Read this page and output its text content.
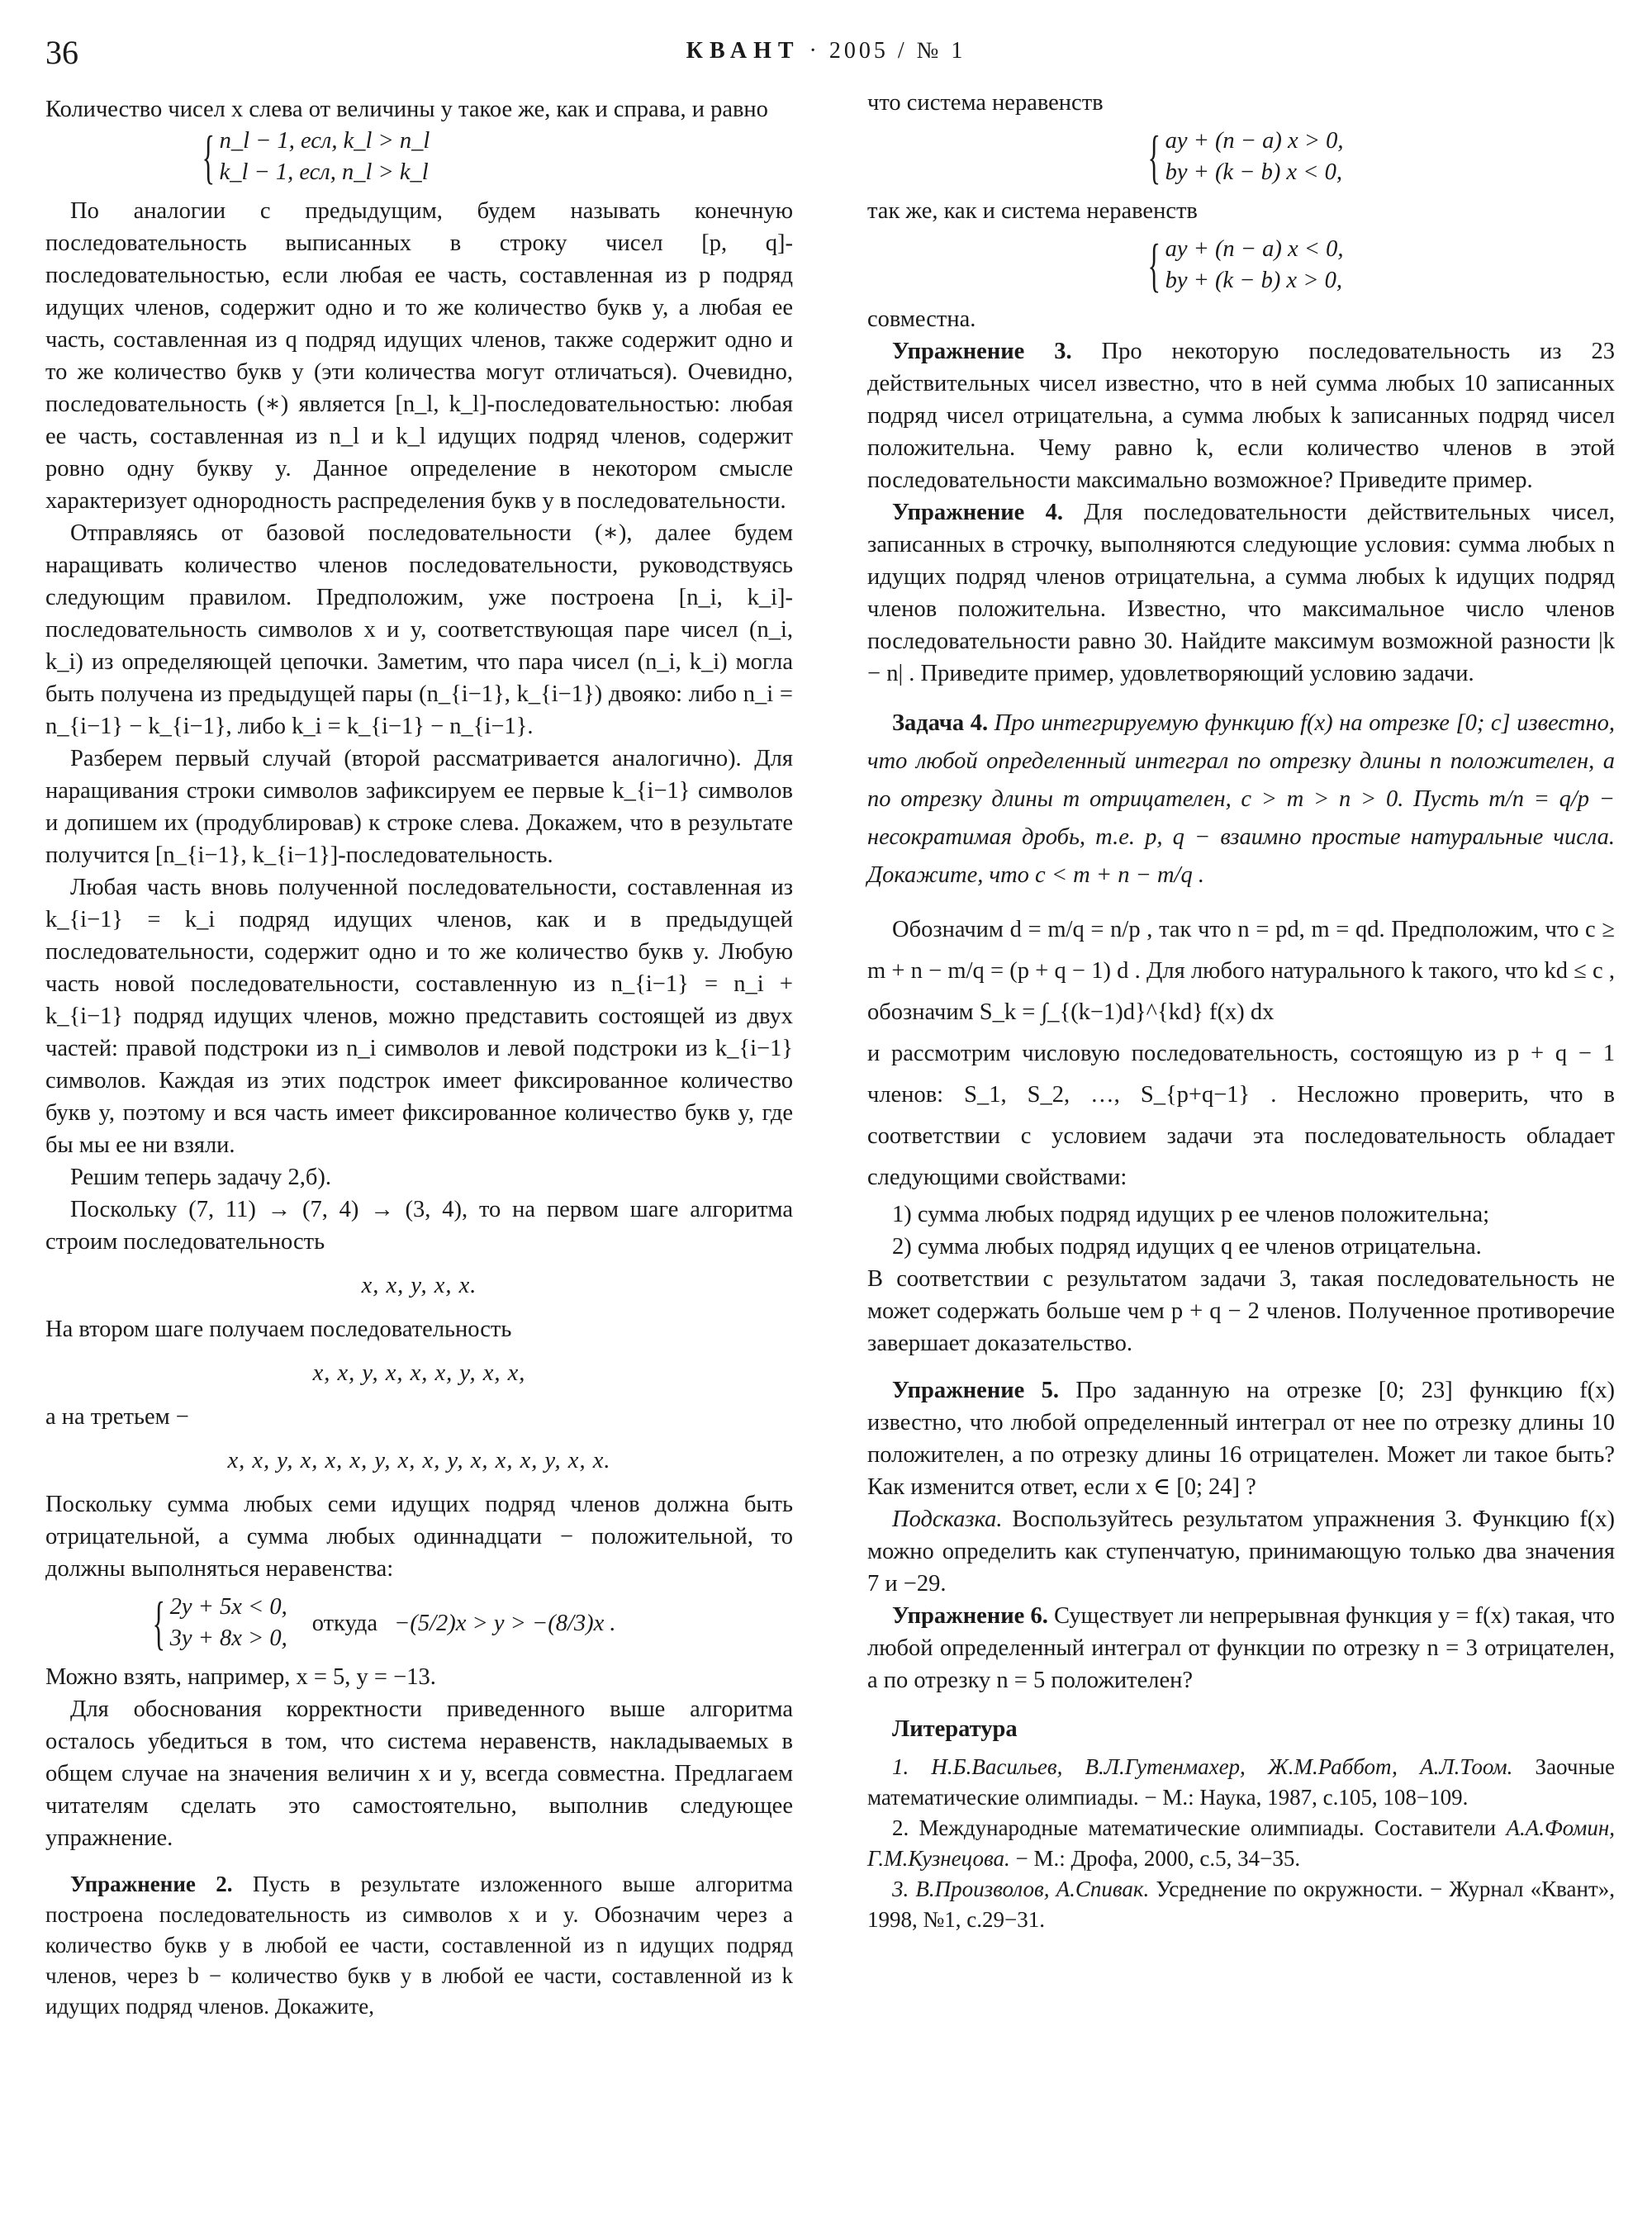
36	КВАНТ · 2005 / № 1

Количество чисел x слева от величины y такое же, как и справа, и равно

{ n_l − 1, есл, k_l > n_l
k_l − 1, есл, n_l > k_l

По аналогии с предыдущим, будем называть конечную последовательность выписанных в строку чисел [p, q]-последовательностью, если любая ее часть, составленная из p подряд идущих членов, содержит одно и то же количество букв y, а любая ее часть, составленная из q подряд идущих членов, также содержит одно и то же количество букв y (эти количества могут отличаться). Очевидно, последовательность (∗) является [n_l, k_l]-последовательностью: любая ее часть, составленная из n_l и k_l идущих подряд членов, содержит ровно одну букву y. Данное определение в некотором смысле характеризует однородность распределения букв y в последовательности.

Отправляясь от базовой последовательности (∗), далее будем наращивать количество членов последовательности, руководствуясь следующим правилом. Предположим, уже построена [n_i, k_i]-последовательность символов x и y, соответствующая паре чисел (n_i, k_i) из определяющей цепочки. Заметим, что пара чисел (n_i, k_i) могла быть получена из предыдущей пары (n_{i−1}, k_{i−1}) двояко: либо n_i = n_{i−1} − k_{i−1}, либо k_i = k_{i−1} − n_{i−1}.

Разберем первый случай (второй рассматривается аналогично). Для наращивания строки символов зафиксируем ее первые k_{i−1} символов и допишем их (продублировав) к строке слева. Докажем, что в результате получится [n_{i−1}, k_{i−1}]-последовательность.

Любая часть вновь полученной последовательности, составленная из k_{i−1} = k_i подряд идущих членов, как и в предыдущей последовательности, содержит одно и то же количество букв y. Любую часть новой последовательности, составленную из n_{i−1} = n_i + k_{i−1} подряд идущих членов, можно представить состоящей из двух частей: правой подстроки из n_i символов и левой подстроки из k_{i−1} символов. Каждая из этих подстрок имеет фиксированное количество букв y, поэтому и вся часть имеет фиксированное количество букв y, где бы мы ее ни взяли.

Решим теперь задачу 2,б).

Поскольку (7, 11) → (7, 4) → (3, 4), то на первом шаге алгоритма строим последовательность

x, x, y, x, x.

На втором шаге получаем последовательность

x, x, y, x, x, x, y, x, x,

а на третьем −

x, x, y, x, x, x, y, x, x, y, x, x, x, y, x, x.

Поскольку сумма любых семи идущих подряд членов должна быть отрицательной, а сумма любых одиннадцати − положительной, то должны выполняться неравенства:

{ 2y + 5x < 0,
3y + 8x > 0,
откуда −(5/2)x > y > −(8/3)x .

Можно взять, например, x = 5, y = −13.

Для обоснования корректности приведенного выше алгоритма осталось убедиться в том, что система неравенств, накладываемых в общем случае на значения величин x и y, всегда совместна. Предлагаем читателям сделать это самостоятельно, выполнив следующее упражнение.

Упражнение 2. Пусть в результате изложенного выше алгоритма построена последовательность из символов x и y. Обозначим через a количество букв y в любой ее части, составленной из n идущих подряд членов, через b − количество букв y в любой ее части, составленной из k идущих подряд членов. Докажите,

что система неравенств

{ ay + (n − a) x > 0,
by + (k − b) x < 0,

так же, как и система неравенств

{ ay + (n − a) x < 0,
by + (k − b) x > 0,

совместна.

Упражнение 3. Про некоторую последовательность из 23 действительных чисел известно, что в ней сумма любых 10 записанных подряд чисел отрицательна, а сумма любых k записанных подряд чисел положительна. Чему равно k, если количество членов в этой последовательности максимально возможное? Приведите пример.

Упражнение 4. Для последовательности действительных чисел, записанных в строчку, выполняются следующие условия: сумма любых n идущих подряд членов отрицательна, а сумма любых k идущих подряд членов положительна. Известно, что максимальное число членов последовательности равно 30. Найдите максимум возможной разности |k − n| . Приведите пример, удовлетворяющий условию задачи.

Задача 4. Про интегрируемую функцию f(x) на отрезке [0; c] известно, что любой определенный интеграл по отрезку длины n положителен, а по отрезку длины m отрицателен, c > m > n > 0. Пусть m/n = q/p − несократимая дробь, т.е. p, q − взаимно простые натуральные числа. Докажите, что c < m + n − m/q .

Обозначим d = m/q = n/p , так что n = pd, m = qd. Предположим, что c ≥ m + n − m/q = (p + q − 1) d . Для любого натурального k такого, что kd ≤ c , обозначим S_k = ∫_{(k−1)d}^{kd} f(x) dx

и рассмотрим числовую последовательность, состоящую из p + q − 1 членов: S_1, S_2, …, S_{p+q−1} . Несложно проверить, что в соответствии с условием задачи эта последовательность обладает следующими свойствами:

1) сумма любых подряд идущих p ее членов положительна;

2) сумма любых подряд идущих q ее членов отрицательна.

В соответствии с результатом задачи 3, такая последовательность не может содержать больше чем p + q − 2 членов. Полученное противоречие завершает доказательство.

Упражнение 5. Про заданную на отрезке [0; 23] функцию f(x) известно, что любой определенный интеграл от нее по отрезку длины 10 положителен, а по отрезку длины 16 отрицателен. Может ли такое быть? Как изменится ответ, если x ∈ [0; 24] ?

Подсказка. Воспользуйтесь результатом упражнения 3. Функцию f(x) можно определить как ступенчатую, принимающую только два значения 7 и −29.

Упражнение 6. Существует ли непрерывная функция y = f(x) такая, что любой определенный интеграл от функции по отрезку n = 3 отрицателен, а по отрезку n = 5 положителен?

Литература

1. Н.Б.Васильев, В.Л.Гутенмахер, Ж.М.Раббот, А.Л.Тоом. Заочные математические олимпиады. − М.: Наука, 1987, с.105, 108−109.

2. Международные математические олимпиады. Составители А.А.Фомин, Г.М.Кузнецова. − М.: Дрофа, 2000, с.5, 34−35.

3. В.Произволов, А.Спивак. Усреднение по окружности. − Журнал «Квант», 1998, №1, с.29−31.
